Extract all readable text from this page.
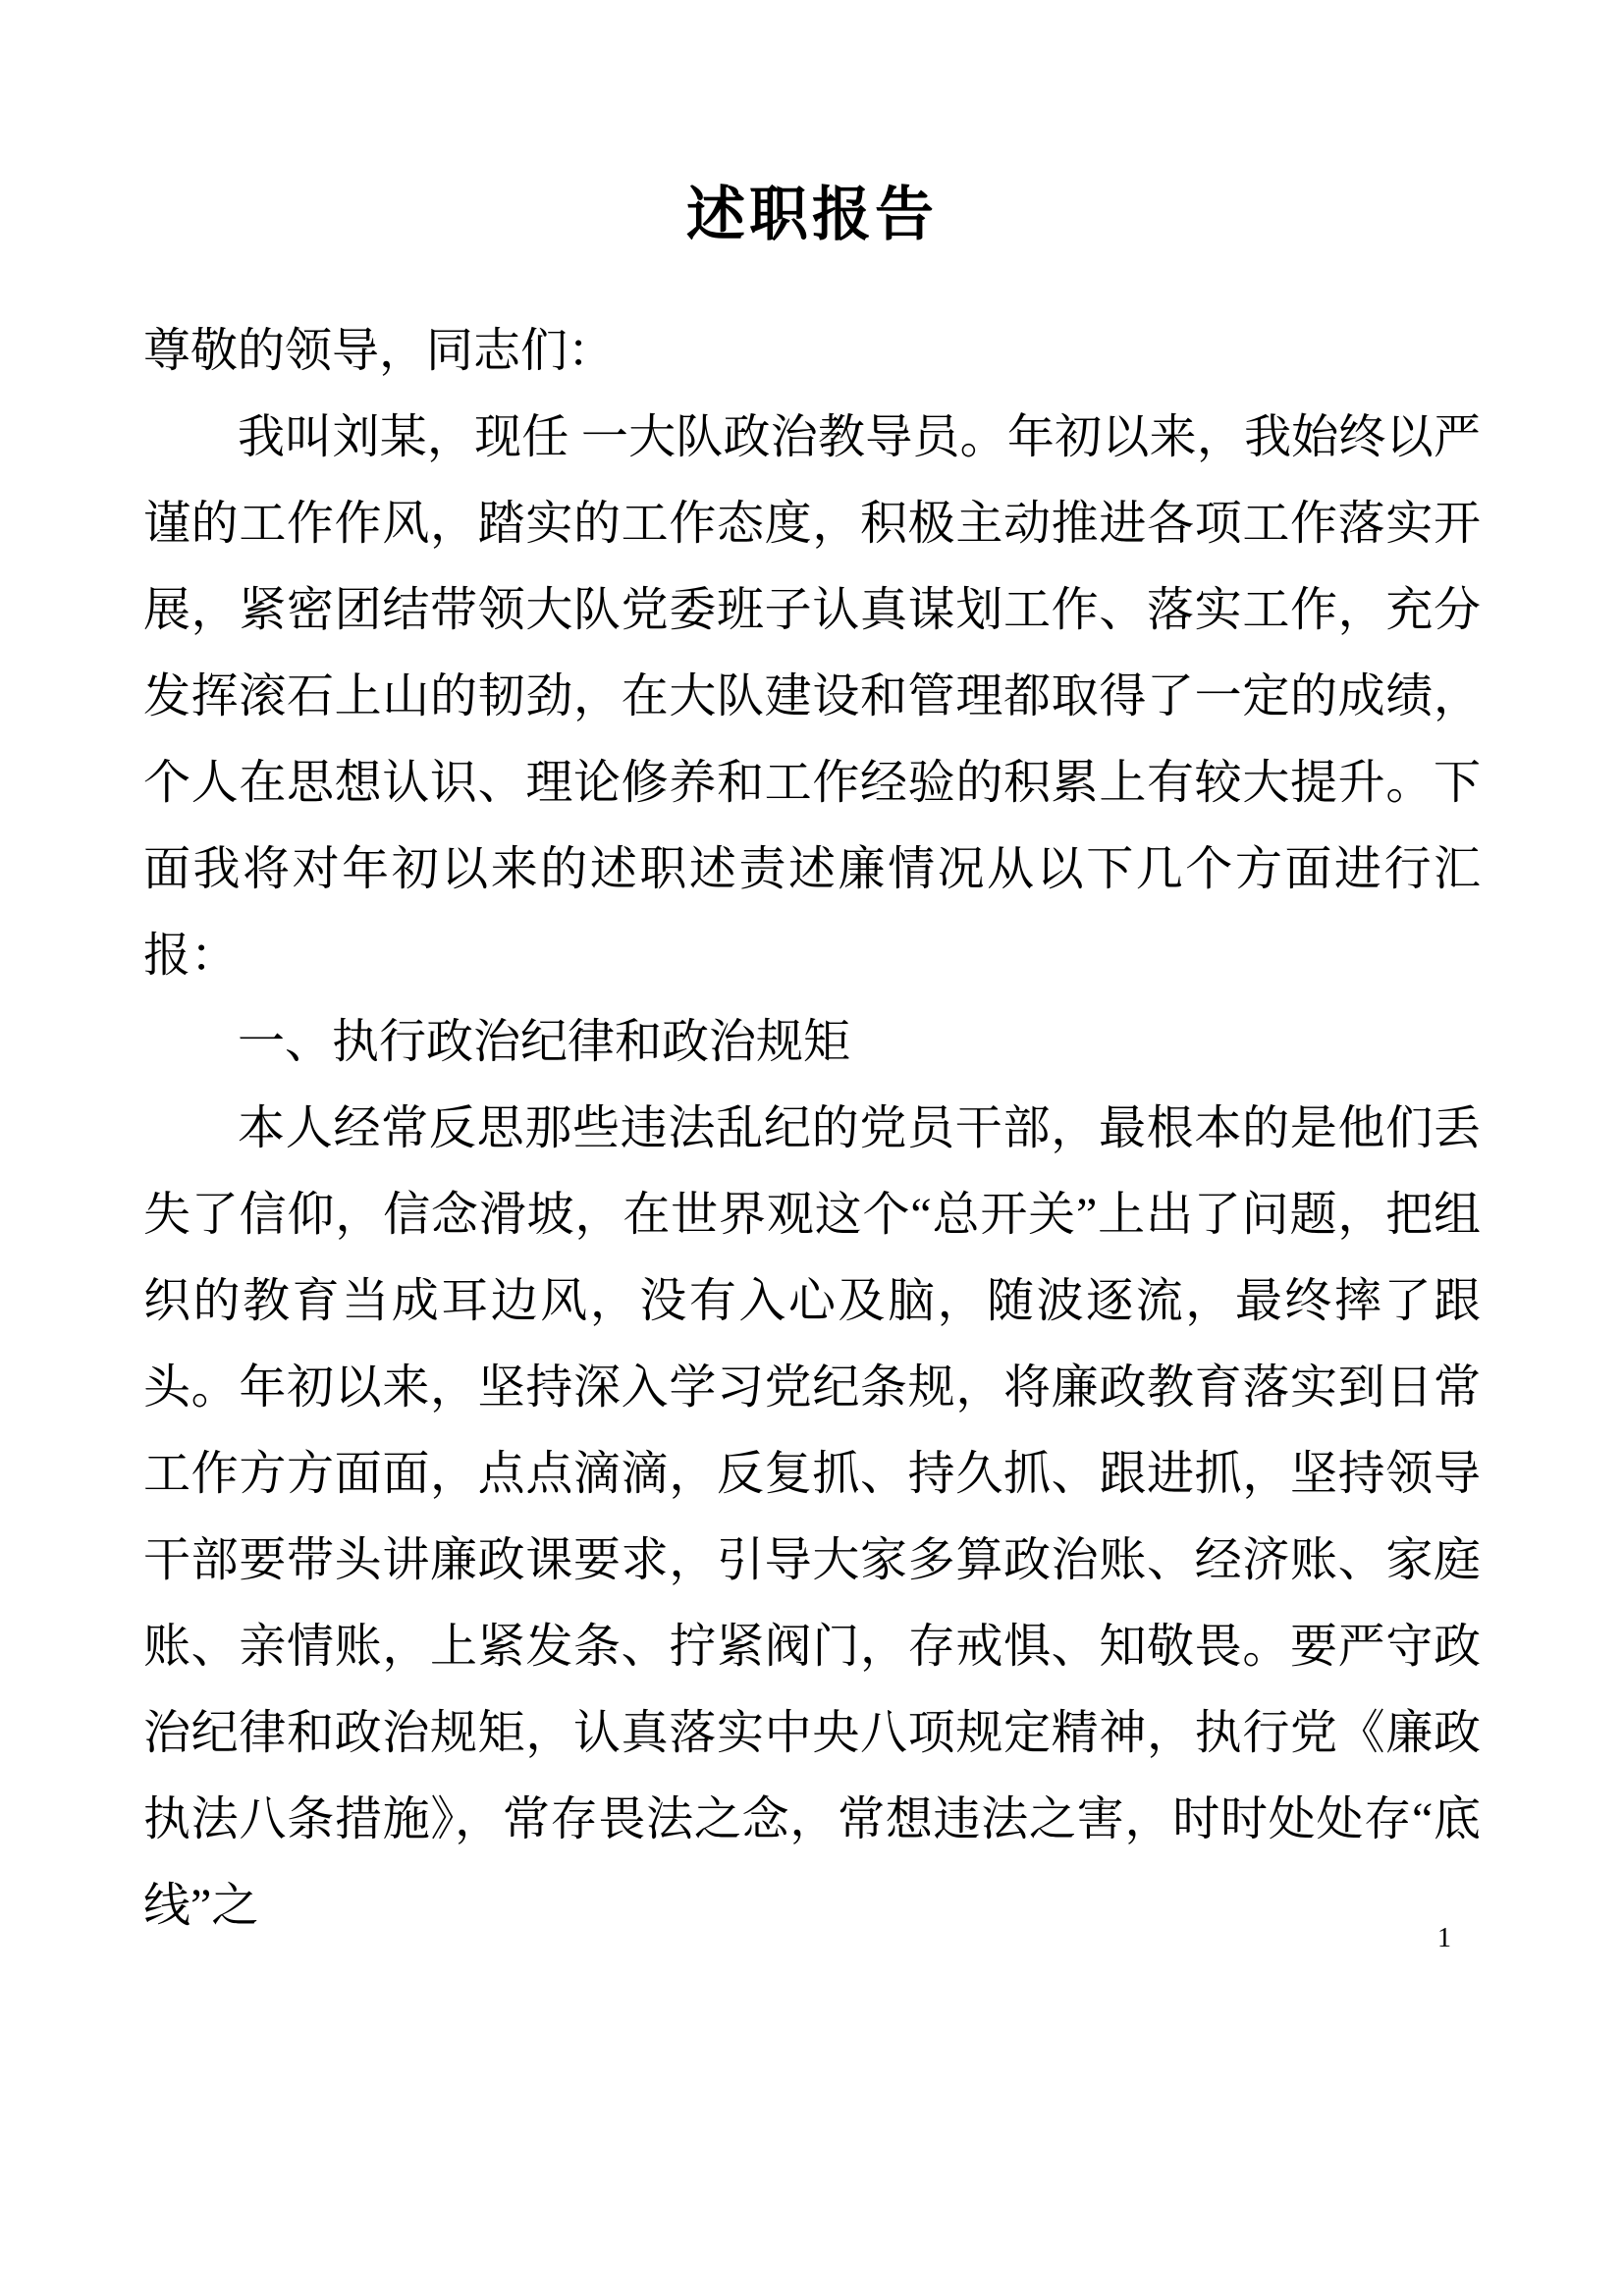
述职报告

尊敬的领导，同志们：

我叫刘某，现任 一大队政治教导员。年初以来，我始终以严谨的工作作风，踏实的工作态度，积极主动推进各项工作落实开展，紧密团结带领大队党委班子认真谋划工作、落实工作，充分发挥滚石上山的韧劲，在大队建设和管理都取得了一定的成绩，个人在思想认识、理论修养和工作经验的积累上有较大提升。下面我将对年初以来的述职述责述廉情况从以下几个方面进行汇报：

一、执行政治纪律和政治规矩

本人经常反思那些违法乱纪的党员干部，最根本的是他们丢失了信仰，信念滑坡，在世界观这个“总开关”上出了问题，把组织的教育当成耳边风，没有入心及脑，随波逐流，最终摔了跟头。年初以来，坚持深入学习党纪条规，将廉政教育落实到日常工作方方面面，点点滴滴，反复抓、持久抓、跟进抓，坚持领导干部要带头讲廉政课要求，引导大家多算政治账、经济账、家庭账、亲情账，上紧发条、拧紧阀门，存戒惧、知敬畏。要严守政治纪律和政治规矩，认真落实中央八项规定精神，执行党《廉政执法八条措施》，常存畏法之念，常想违法之害，时时处处存“底线”之

1
